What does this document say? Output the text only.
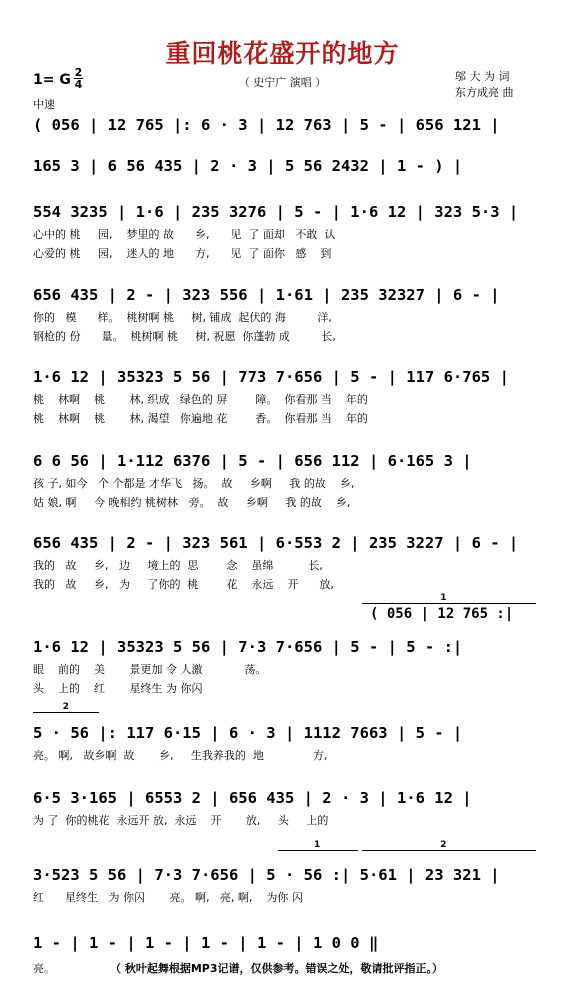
重回桃花盛开的地方
（ 史宁广 演唱 ）	邬 大 为 词
东方成亮 曲
1= G 2
4
中速
( 056 | 12 765 |: 6 · 3 | 12 763 | 5 - | 656 121 |
165 3 | 6 56 435 | 2 · 3 | 5 56 2432 | 1 - ) |
554 3235 | 1·6 | 235 3276 | 5 - | 1·6 12 | 323 5·3 |
心中的 桃     园,    梦里的 故      乡,      见  了 面却   不敢  认
心爱的 桃     园,    迷人的 地      方,      见  了 面你   感    到
656 435 | 2 - | 323 556 | 1·61 | 235 32327 | 6 - |
你的   模      样。  桃树啊 桃     树, 铺成  起伏的 海         洋,
钢枪的 份      量。  桃树啊 桃     树, 祝愿  你蓬勃 成         长,
1·6 12 | 35323 5 56 | 773 7·656 | 5 - | 117 6·765 |
桃    林啊    桃       林, 织成   绿色的 屏        障。  你看那 当    年的
桃    林啊    桃       林, 渴望   你遍地 花        香。  你看那 当    年的
6 6 56 | 1·112 6376 | 5 - | 656 112 | 6·165 3 |
孩 子, 如今   个 个都是 才华飞   扬。  故     乡啊     我 的故    乡,
姑 娘, 啊     今 晚相约 桃树林   旁。  故     乡啊     我 的故    乡,
656 435 | 2 - | 323 561 | 6·553 2 | 235 3227 | 6 - |
我的   故     乡,   边     境上的  思        念    虽绵          长,
我的   故     乡,   为     了你的  桃        花    永远    开      放,
1
( 056 | 12 765 :|
1·6 12 | 35323 5 56 | 7·3 7·656 | 5 - | 5 - :|
眼    前的    美       景更加 令 人激            荡。
头    上的    红       星终生 为 你闪
2
5 · 56 |: 117 6·15 | 6 · 3 | 1112 7663 | 5 - |
亮。 啊,   故乡啊  故       乡,     生我养我的  地              方,
6·5 3·165 | 6553 2 | 656 435 | 2 · 3 | 1·6 12 |
为 了  你的桃花  永远开 放,  永远    开       放,     头     上的
1	2
3·523 5 56 | 7·3 7·656 | 5 · 56 :| 5·61 | 23 321 |
红      星终生   为 你闪       亮。 啊,   亮, 啊,    为你 闪
1 - | 1 - | 1 - | 1 - | 1 - | 1 0 0 ‖
亮。	（ 秋叶起舞根据MP3记谱，仅供参考。错误之处，敬请批评指正。）
